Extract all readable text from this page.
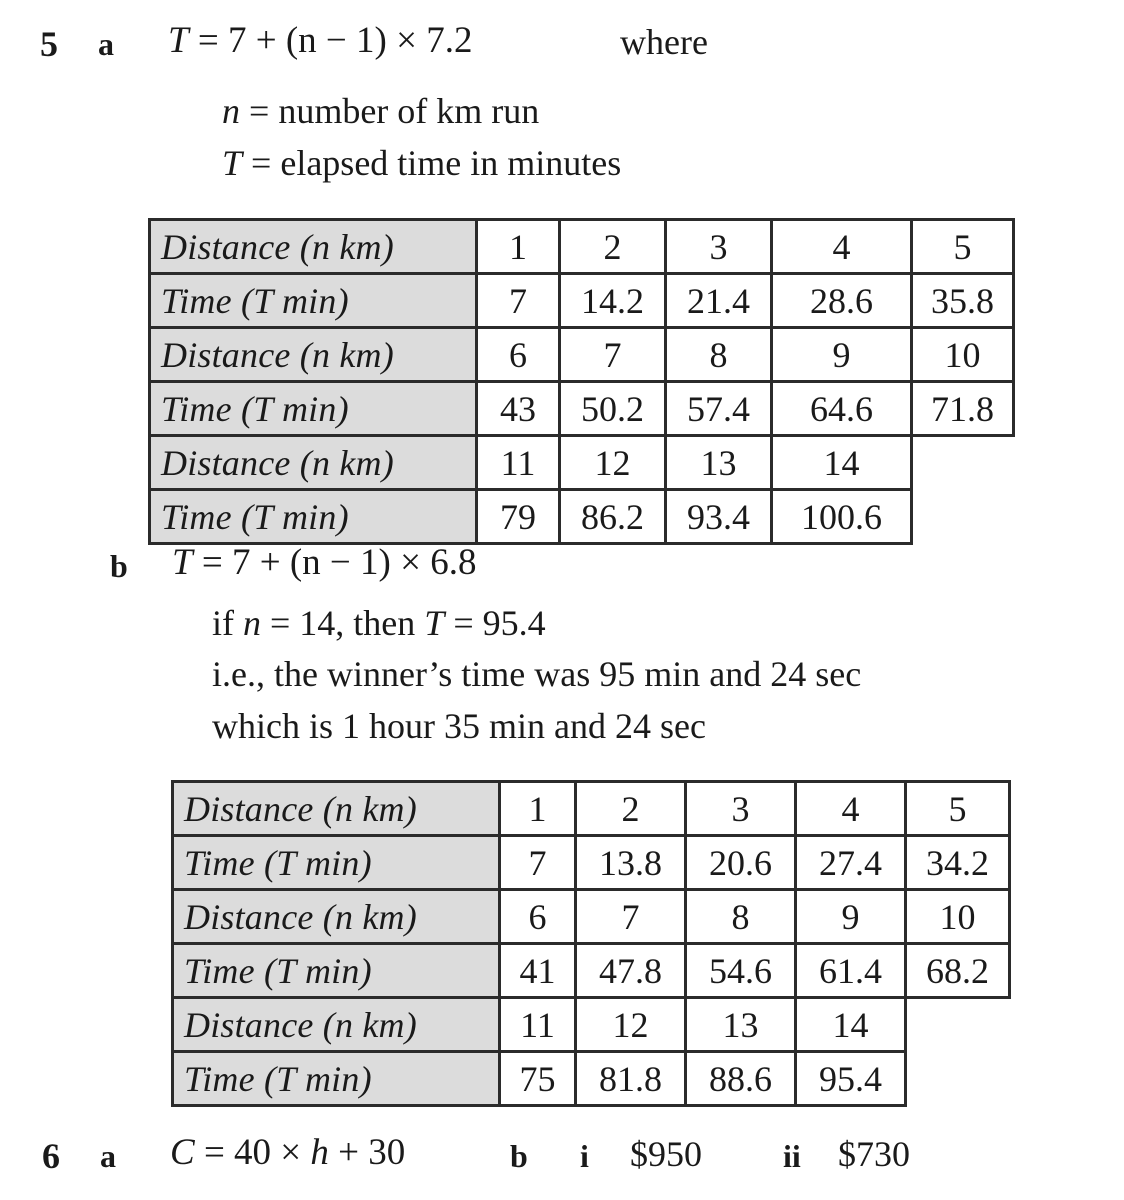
5 a T = 7 + (n − 1) × 7.2	where
n = number of km run
T = elapsed time in minutes
Distance (n km)	1	2	3	4	5
Time (T min)	7	14.2	21.4	28.6	35.8
Distance (n km)	6	7	8	9	10
Time (T min)	43	50.2	57.4	64.6	71.8
Distance (n km)	11	12	13	14	
Time (T min)	79	86.2	93.4	100.6	
b T = 7 + (n − 1) × 6.8
if n = 14, then T = 95.4
i.e., the winner’s time was 95 min and 24 sec
which is 1 hour 35 min and 24 sec
Distance (n km)	1	2	3	4	5
Time (T min)	7	13.8	20.6	27.4	34.2
Distance (n km)	6	7	8	9	10
Time (T min)	41	47.8	54.6	61.4	68.2
Distance (n km)	11	12	13	14	
Time (T min)	75	81.8	88.6	95.4	
6 a C = 40 × h + 30	b i $950	ii $730
